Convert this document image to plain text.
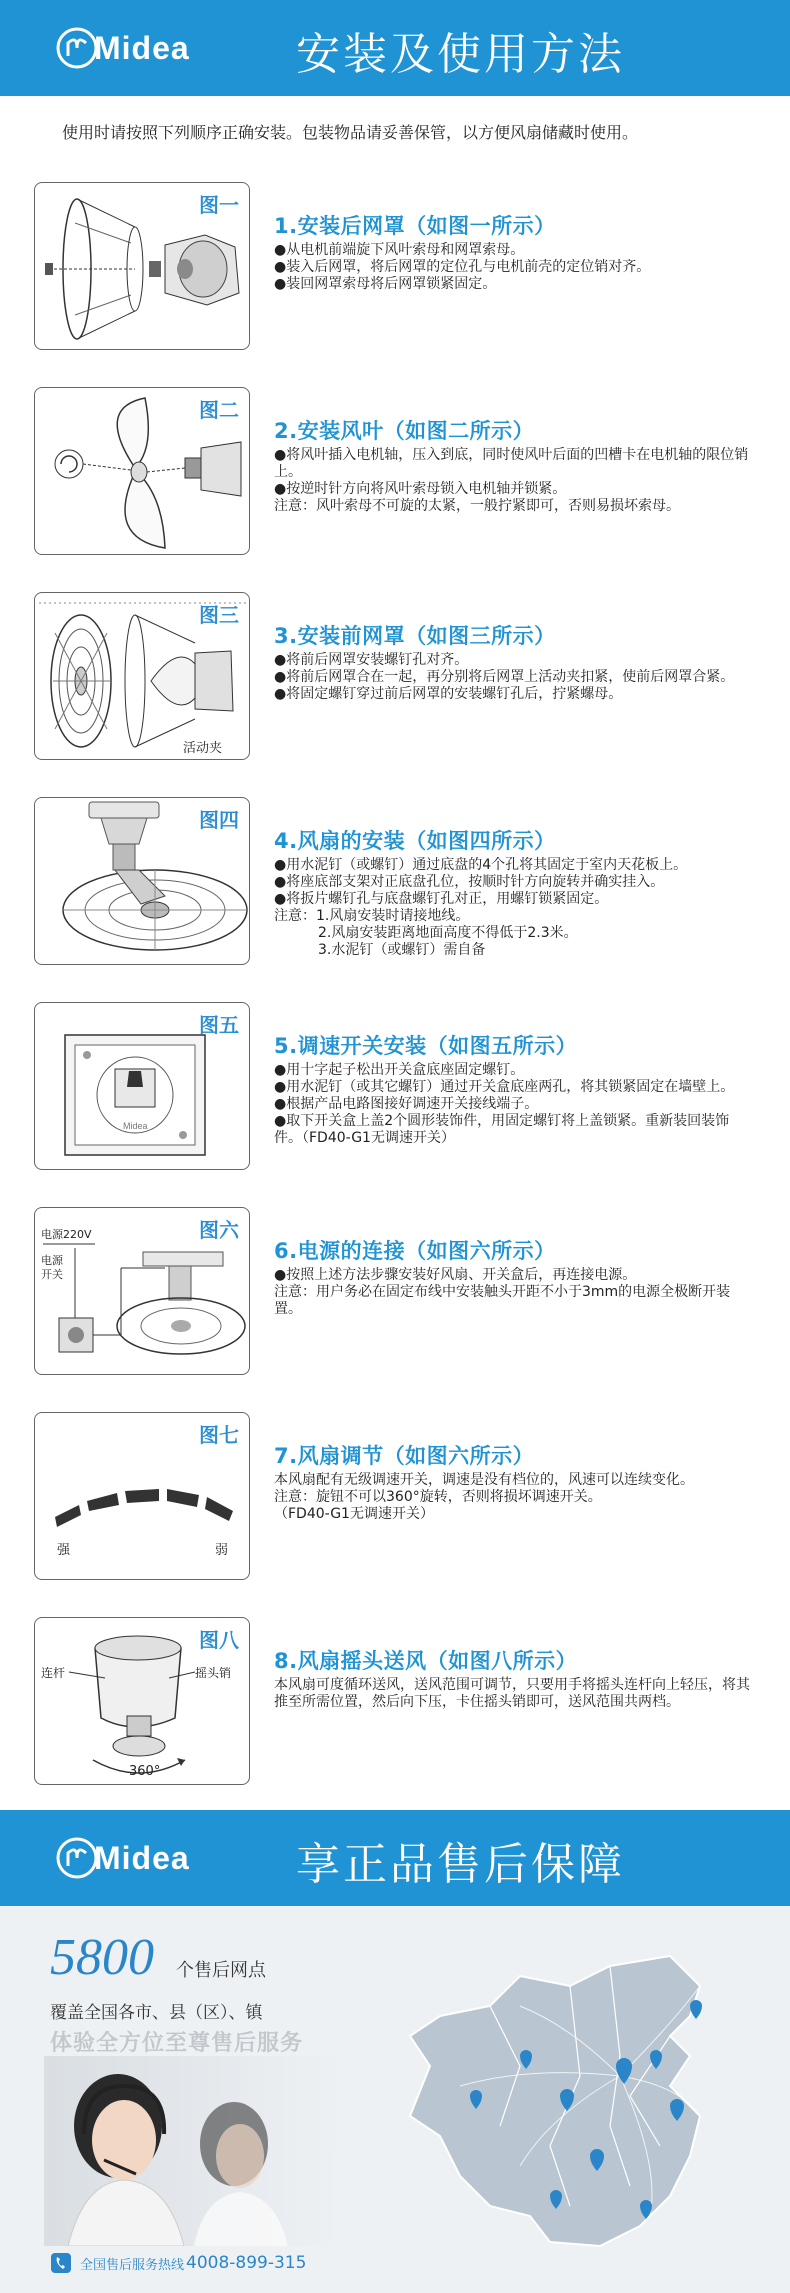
Midea 安装及使用方法
使用时请按照下列顺序正确安装。包装物品请妥善保管，以方便风扇储藏时使用。
图一
1.安装后网罩（如图一所示）

●从电机前端旋下风叶索母和网罩索母。

●装入后网罩，将后网罩的定位孔与电机前壳的定位销对齐。

●装回网罩索母将后网罩锁紧固定。

图二
2.安装风叶（如图二所示）

●将风叶插入电机轴，压入到底，同时使风叶后面的凹槽卡在电机轴的限位销上。

●按逆时针方向将风叶索母锁入电机轴并锁紧。

注意：风叶索母不可旋的太紧，一般拧紧即可，否则易损坏索母。

图三
活动夹
3.安装前网罩（如图三所示）

●将前后网罩安装螺钉孔对齐。

●将前后网罩合在一起，再分别将后网罩上活动夹扣紧，使前后网罩合紧。

●将固定螺钉穿过前后网罩的安装螺钉孔后，拧紧螺母。

图四
4.风扇的安装（如图四所示）

●用水泥钉（或螺钉）通过底盘的4个孔将其固定于室内天花板上。

●将座底部支架对正底盘孔位，按顺时针方向旋转并确实挂入。

●将扳片螺钉孔与底盘螺钉孔对正，用螺钉锁紧固定。

注意：1.风扇安装时请接地线。

2.风扇安装距离地面高度不得低于2.3米。

3.水泥钉（或螺钉）需自备

Midea
图五
5.调速开关安装（如图五所示）

●用十字起子松出开关盒底座固定螺钉。

●用水泥钉（或其它螺钉）通过开关盒底座两孔，将其锁紧固定在墙壁上。

●根据产品电路图接好调速开关接线端子。

●取下开关盒上盖2个圆形装饰件，用固定螺钉将上盖锁紧。重新装回装饰件。（FD40-G1无调速开关）

图六
电源220V
电源
开关
6.电源的连接（如图六所示）

●按照上述方法步骤安装好风扇、开关盒后，再连接电源。

注意：用户务必在固定布线中安装触头开距不小于3mm的电源全极断开装置。

图七
强	弱
7.风扇调节（如图六所示）

本风扇配有无级调速开关，调速是没有档位的，风速可以连续变化。

注意：旋钮不可以360°旋转，否则将损坏调速开关。

（FD40-G1无调速开关）

图八
连杆	摇头销
360°
8.风扇摇头送风（如图八所示）

本风扇可度循环送风，送风范围可调节，只要用手将摇头连杆向上轻压，将其推至所需位置，然后向下压，卡住摇头销即可，送风范围共两档。

Midea 享正品售后保障
5800 个售后网点
覆盖全国各市、县（区）、镇
体验全方位至尊售后服务
全国售后服务热线 4008-899-315
